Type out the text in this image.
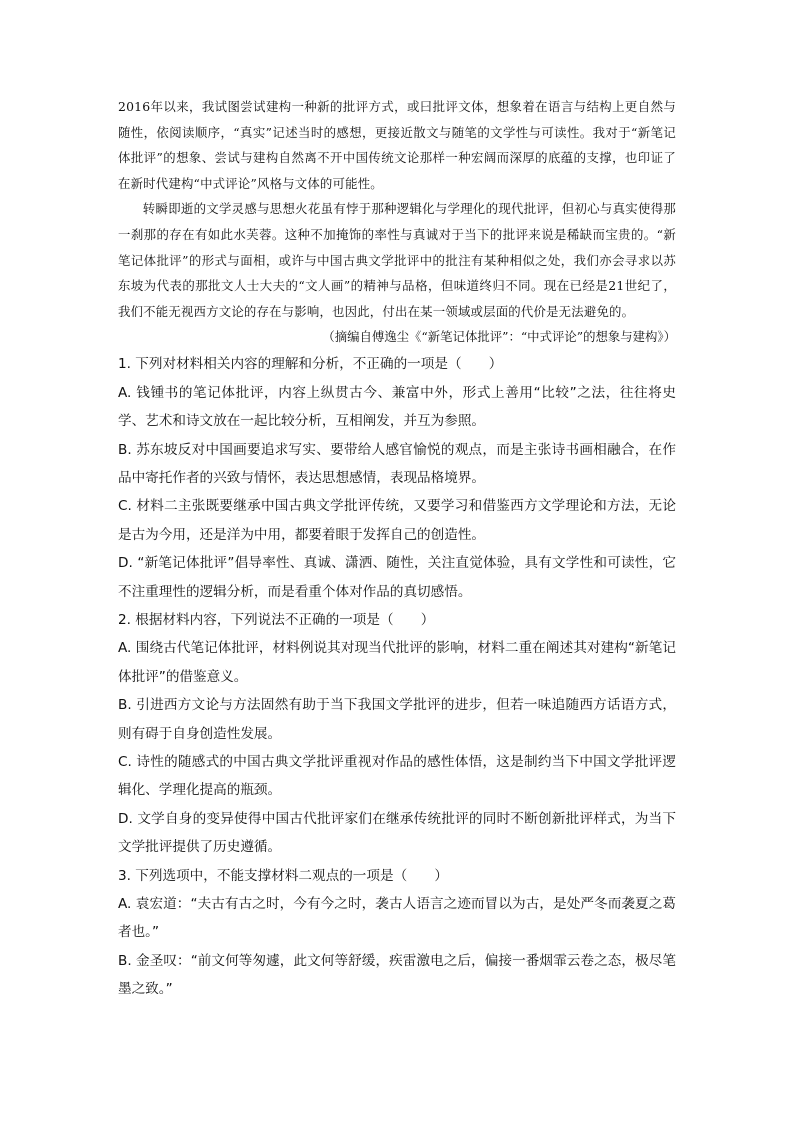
2016年以来，我试图尝试建构一种新的批评方式，或曰批评文体，想象着在语言与结构上更自然与随性，依阅读顺序，“真实”记述当时的感想，更接近散文与随笔的文学性与可读性。我对于“新笔记体批评”的想象、尝试与建构自然离不开中国传统文论那样一种宏阔而深厚的底蕴的支撑，也印证了在新时代建构“中式评论”风格与文体的可能性。

转瞬即逝的文学灵感与思想火花虽有悖于那种逻辑化与学理化的现代批评，但初心与真实使得那一刹那的存在有如此水芙蓉。这种不加掩饰的率性与真诚对于当下的批评来说是稀缺而宝贵的。“新笔记体批评”的形式与面相，或许与中国古典文学批评中的批注有某种相似之处，我们亦会寻求以苏东坡为代表的那批文人士大夫的“文人画”的精神与品格，但味道终归不同。现在已经是21世纪了，我们不能无视西方文论的存在与影响，也因此，付出在某一领域或层面的代价是无法避免的。

（摘编自傅逸尘《“新笔记体批评”：“中式评论”的想象与建构》）

1. 下列对材料相关内容的理解和分析，不正确的一项是（　　）

A. 钱锺书的笔记体批评，内容上纵贯古今、兼富中外，形式上善用“比较”之法，往往将史学、艺术和诗文放在一起比较分析，互相阐发，并互为参照。

B. 苏东坡反对中国画要追求写实、要带给人感官愉悦的观点，而是主张诗书画相融合，在作品中寄托作者的兴致与情怀，表达思想感情，表现品格境界。

C. 材料二主张既要继承中国古典文学批评传统，又要学习和借鉴西方文学理论和方法，无论是古为今用，还是洋为中用，都要着眼于发挥自己的创造性。

D. “新笔记体批评”倡导率性、真诚、潇洒、随性，关注直觉体验，具有文学性和可读性，它不注重理性的逻辑分析，而是看重个体对作品的真切感悟。

2. 根据材料内容，下列说法不正确的一项是（　　）

A. 围绕古代笔记体批评，材料例说其对现当代批评的影响，材料二重在阐述其对建构“新笔记体批评”的借鉴意义。

B. 引进西方文论与方法固然有助于当下我国文学批评的进步，但若一味追随西方话语方式，则有碍于自身创造性发展。

C. 诗性的随感式的中国古典文学批评重视对作品的感性体悟，这是制约当下中国文学批评逻辑化、学理化提高的瓶颈。

D. 文学自身的变异使得中国古代批评家们在继承传统批评的同时不断创新批评样式，为当下文学批评提供了历史遵循。

3. 下列选项中，不能支撑材料二观点的一项是（　　）

A. 袁宏道：“夫古有古之时，今有今之时，袭古人语言之迹而冒以为古，是处严冬而袭夏之葛者也。”

B. 金圣叹：“前文何等匆遽，此文何等舒缓，疾雷激电之后，偏接一番烟霏云卷之态，极尽笔墨之致。”
